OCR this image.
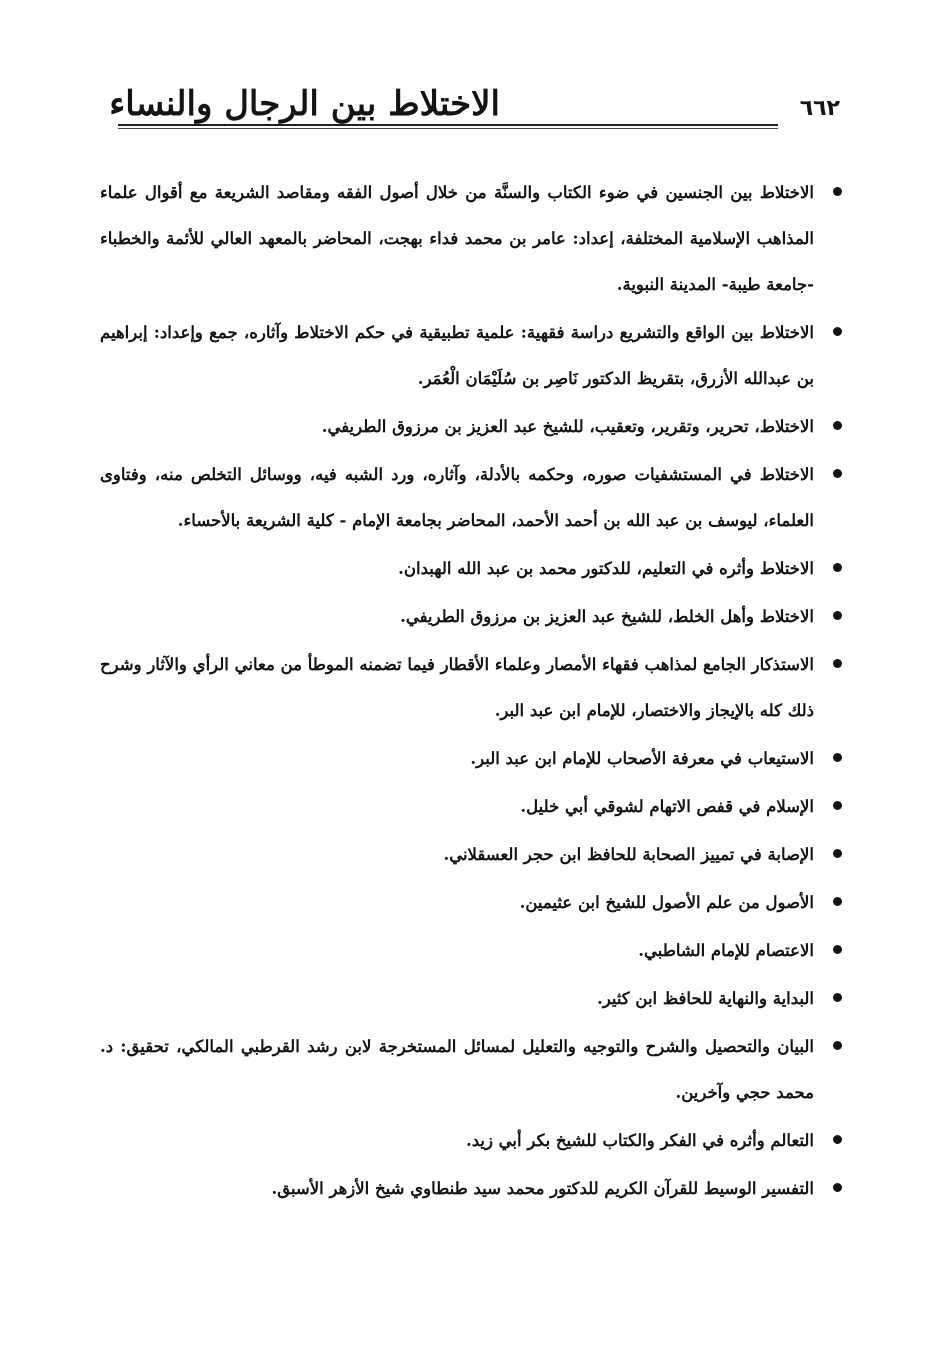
الاختلاط بين الرجال والنساء	٦٦٢
الاختلاط بين الجنسين في ضوء الكتاب والسنَّة من خلال أصول الفقه ومقاصد الشريعة مع أقوال علماء المذاهب الإسلامية المختلفة، إعداد: عامر بن محمد فداء بهجت، المحاضر بالمعهد العالي للأئمة والخطباء -جامعة طيبة- المدينة النبوية.
الاختلاط بين الواقع والتشريع دراسة فقهية: علمية تطبيقية في حكم الاختلاط وآثاره، جمع وإعداد: إبراهيم بن عبدالله الأزرق، بتقريظ الدكتور نَاصِر بن سُلَيْمَان الْعُمَر.
الاختلاط، تحرير، وتقرير، وتعقيب، للشيخ عبد العزيز بن مرزوق الطريفي.
الاختلاط في المستشفيات صوره، وحكمه بالأدلة، وآثاره، ورد الشبه فيه، ووسائل التخلص منه، وفتاوى العلماء، ليوسف بن عبد الله بن أحمد الأحمد، المحاضر بجامعة الإمام - كلية الشريعة بالأحساء.
الاختلاط وأثره في التعليم، للدكتور محمد بن عبد الله الهبدان.
الاختلاط وأهل الخلط، للشيخ عبد العزيز بن مرزوق الطريفي.
الاستذكار الجامع لمذاهب فقهاء الأمصار وعلماء الأقطار فيما تضمنه الموطأ من معاني الرأي والآثار وشرح ذلك كله بالإيجاز والاختصار، للإمام ابن عبد البر.
الاستيعاب في معرفة الأصحاب للإمام ابن عبد البر.
الإسلام في قفص الاتهام لشوقي أبي خليل.
الإصابة في تمييز الصحابة للحافظ ابن حجر العسقلاني.
الأصول من علم الأصول للشيخ ابن عثيمين.
الاعتصام للإمام الشاطبي.
البداية والنهاية للحافظ ابن كثير.
البيان والتحصيل والشرح والتوجيه والتعليل لمسائل المستخرجة لابن رشد القرطبي المالكي، تحقيق: د. محمد حجي وآخرين.
التعالم وأثره في الفكر والكتاب للشيخ بكر أبي زيد.
التفسير الوسيط للقرآن الكريم للدكتور محمد سيد طنطاوي شيخ الأزهر الأسبق.
